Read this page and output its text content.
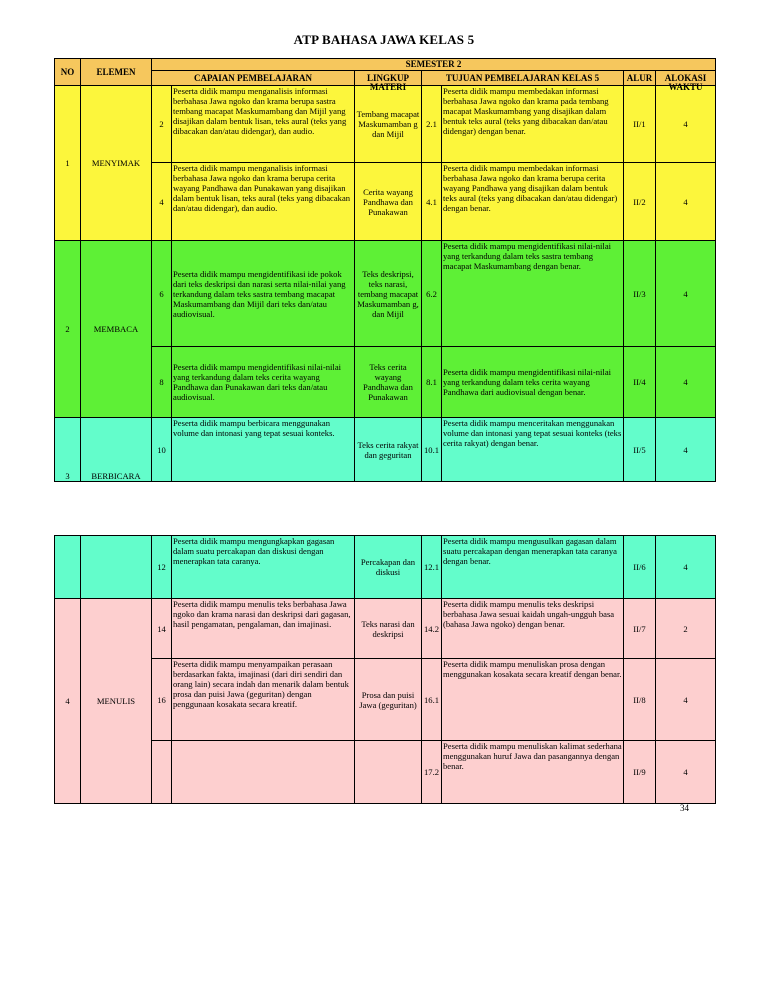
ATP BAHASA JAWA KELAS 5
NO	ELEMEN	SEMESTER 2						
		CAPAIAN PEMBELAJARAN		LINGKUP MATERI	TUJUAN PEMBELAJARAN KELAS 5		ALUR	ALOKASI WAKTU

1	MENYIMAK	2	Peserta didik mampu menganalisis informasi berbahasa Jawa ngoko dan krama berupa sastra tembang macapat Maskumambang dan Mijil yang disajikan dalam bentuk lisan, teks aural (teks yang dibacakan dan/atau didengar), dan audio.	Tembang macapat Maskumamban g dan Mijil	2.1	Peserta didik mampu membedakan informasi berbahasa Jawa ngoko dan krama pada tembang macapat Maskumambang yang disajikan dalam bentuk teks aural (teks yang dibacakan dan/atau didengar) dengan benar.	II/1	4
		4	Peserta didik mampu menganalisis informasi berbahasa Jawa ngoko dan krama berupa cerita wayang Pandhawa dan Punakawan yang disajikan dalam bentuk lisan, teks aural (teks yang dibacakan dan/atau didengar), dan audio.	Cerita wayang Pandhawa dan Punakawan	4.1	Peserta didik mampu membedakan informasi berbahasa Jawa ngoko dan krama berupa cerita wayang Pandhawa yang disajikan dalam bentuk teks aural (teks yang dibacakan dan/atau didengar) dengan benar.	II/2	4
2	MEMBACA	6	Peserta didik mampu mengidentifikasi ide pokok dari teks deskripsi dan narasi serta nilai-nilai yang terkandung dalam teks sastra tembang macapat Maskumambang dan Mijil dari teks dan/atau audiovisual.	Teks deskripsi, teks narasi, tembang macapat Maskumamban g, dan Mijil	6.2	Peserta didik mampu mengidentifikasi nilai-nilai yang terkandung dalam teks sastra tembang macapat Maskumambang dengan benar.	II/3	4
		8	Peserta didik mampu mengidentifikasi nilai-nilai yang terkandung dalam teks cerita wayang Pandhawa dan Punakawan dari teks dan/atau audiovisual.	Teks cerita wayang Pandhawa dan Punakawan	8.1	Peserta didik mampu mengidentifikasi nilai-nilai yang terkandung dalam teks cerita wayang Pandhawa dari audiovisual dengan benar.	II/4	4
3	BERBICARA	10	Peserta didik mampu berbicara menggunakan volume dan intonasi yang tepat sesuai konteks.	Teks cerita rakyat dan geguritan	10.1	Peserta didik mampu menceritakan menggunakan volume dan intonasi yang tepat sesuai konteks (teks cerita rakyat) dengan benar.	II/5	4
		12	Peserta didik mampu mengungkapkan gagasan dalam suatu percakapan dan diskusi dengan menerapkan tata caranya.	Percakapan dan diskusi	12.1	Peserta didik mampu mengusulkan gagasan dalam suatu percakapan dengan menerapkan tata caranya dengan benar.	II/6	4
4	MENULIS	14	Peserta didik mampu menulis teks berbahasa Jawa ngoko dan krama narasi dan deskripsi dari gagasan, hasil pengamatan, pengalaman, dan imajinasi.	Teks narasi dan deskripsi	14.2	Peserta didik mampu menulis teks deskripsi berbahasa Jawa sesuai kaidah ungah-ungguh basa (bahasa Jawa ngoko) dengan benar.	II/7	2
		16	Peserta didik mampu menyampaikan perasaan berdasarkan fakta, imajinasi (dari diri sendiri dan orang lain) secara indah dan menarik dalam bentuk prosa dan puisi Jawa (geguritan) dengan penggunaan kosakata secara kreatif.	Prosa dan puisi Jawa (geguritan)	16.1	Peserta didik mampu menuliskan prosa dengan menggunakan kosakata secara kreatif dengan benar.	II/8	4
					17.2	Peserta didik mampu menuliskan kalimat sederhana menggunakan huruf Jawa dan pasangannya dengan benar.	II/9	4
34
